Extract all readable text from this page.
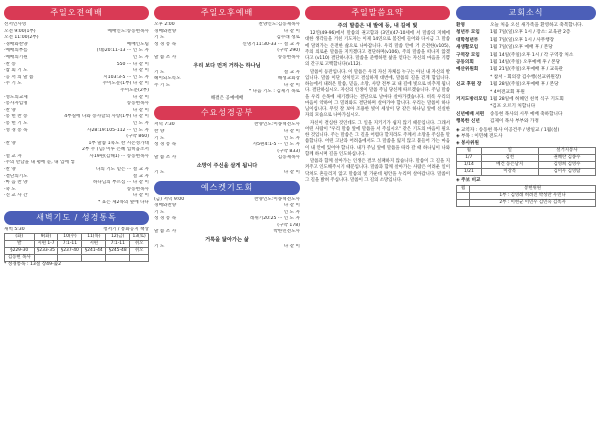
주일오전예배
선서인사영
오전 9:00(1부)	예배인도:송동현목사
오전 11:00(2부)
·경배와찬양	예배인도팀
·예배의부름	(대)20:11-13 ··· 인 도 자
·예배의기원	인 도 자
·찬 송	550 ··· 다 같 이
·참 회 기 도	다 같 이
·응 서 의 말 씀	시103:3-5 ··· 인 도 자
·주 기 도	주이도문(1부) 다 같 이
주이도문(2부)
·성도의교제	다 같 이
·봉사자임명	송동현목사
·찬 양	다 같 이
·봉 헌 찬 송	4부실에 나와 송사할의 사랑(1부) 다 같 이
·봉 헌 기 도	인 도 자
·성 경 봉 독	사28:19:105-112 ··· 인 도 자
(구약 860)
·찬 양	1부 말씀 1묵도 찬 시온성가대
2부 주 (님) 이루 은혜 입히옵소서
·설 교 자	사19편(김해1) ··· 송동현목사
·주의 만남을 내 평에 듣, 내 입에 넣
·찬 양	나의 기도 믿는 ··· 설 교 자
·결단의기도	설 교 자
·마 음 찬 양	하나님의 부르심 ··· 다 같 이
·축 도	송동현목사
·진 교 사 간	다 같 이
* 표는 제2목의 옆에 나다
새벽기도 / 성경통독
새벽 5:30	청서기 / 통화공지 책상
(화)	9(화)	10(수)	11(목)	12(금)	13(토)
발	시편 1-7	7:1-11	시편	7:1-11	쉬오
§229-30	§233-35	§237-40	§241-44	§245-48	쉬오
김동현 목사					
* 성경통독 : 13절 장49-출2
주일오후예배
오후 2:00	찬양인도:김동제목사
경배와찬양	다 같 이
기 도	김수래 성로
성 경 봉 독	신명기11:30-33 ··· 설 교 자
(구약 290)
말 씀 조 사	송동현목사
우리 보다 먼저 거하는 하나님
기 도	설 교 자
헤이되도록노	해성교회장
주 기 도	다 같 이
* 다음 기도 : 김제기 목로
해결은 공예에배
수요성경공부
저녁 7:30	찬양인도:이종혁전도사
찬 양	다 같 이
기 도	인 도 자
성 경 봉 독	사5편4:1-5 ··· 인 도 자
(구약 833)
말 씀 조 사	김동제목사
소망이 주신을 살게 됩니다
기 도	다 같 이
예스켓기도회
(금) 저녁 9:00	찬양인도:이종혁전도사
경배와찬양	다 같 이
기 도	인 도 자
성 경 봉 독	레위기20:25 ··· 인 도 자
(구약 178)
말 씀 조 사	박한민전도사
거룩을 닮아가는 삶
기 도	다 같 이
주일말씀요약
주의 말씀은 내 발에 등, 내 길에 빛

12연(49-96)에서 말씀의 권고함과 (3연)(47-10세에 서 말씀의 지혜에 대한 생각들을 거친 기도자는 이제 14연으로 봄진에 들어와 다시금 그 말씀에 달려가는 온전한 삶으로 나아갑니다. 우리 말씀 안에 거 온전한(v105), 주의 의로운 말씀을 지키겠다고 결단하며(v106), 주의 말씀을 떠나지 않겠다고 (v110) 결단하니다. 말씀을 준행하면 삶을 얻다는 자신의 마음을 기쁨의 간구로 고백합니다(v112).

말씀이 등잔입니다. 이 말씀은 우리 자신 자체를 누구는 아닌 내 자신의 발입니다. 말씀 이단 상처인고 결심하게 대번에, 말씀의 길을 걷게 함입니다. 하늘에서 내려온 말씀, 믿음, 소망, 사랑 전부 교 내 길에 빛으로 비추게 됩니다. 결단하십시오. 자신의 인생이 말씀 주님 당신께 따르겠습니다. 주님 말씀을 우리 손목에 새기겠다는 결단으로 날마다 살아가겠습니다. 비록 우리의 마음이 약하여 그 밀려와도 결단하며 살아가야 합니다. 우리는 말씀이 하나님이십니다. 무엇 잘 보아 조용한 빛이 세상이 당 같은 하나님 앞에 신실한 자의 모습으로 나아가십시오.

자신이 결심한 것인데도 그 일을 지키기가 쉽지 않기 때문입니다. 그래서 어떤 사람이 "우리 말씀 앞에 말씀을 서 주십시오" 같은 기도의 마음이 필요한 것입니다. 주는 말씀은 그 길을 어렵다 할지라도 주께서 소망을 주심을 말씀합니다. 어떤 고난과 어려움에서도 그 말씀을 잃지 않고 붙들어 가는 마음이 내 안에 있어야 합니다. 내가 주님 앞에 말씀을 따라 갈 때 하나님이 나와 함께 하시며 길을 인도하십니다.

말씀과 함께 살아가는 인생은 결코 실패하지 않습니다. 말씀이 그 길을 지켜주고 인도해주시기 때문입니다. 말씀과 함께 살아가는 사람은 어려운 일이 닥쳐도 흔들리지 않고 말씀의 빛 가운데 평안을 누리며 살아갑니다. 말씀이 그 길을 밝혀 주십니다. 말씀이 그 길의 소망입니다.

교회소식
환영	오늘 처음 오신 새가족을 환영하고 축복합니다.
청년부 모임	1월 7일(일)오후 1시 / 장소: 교육관 2층
대학청년부	1월 7일(일)오후 1시 / 사무행장
새생활모임	1월 7일(일)오후 예배 후 / 본당
구역장 모임	1월 14일(주일)오후 1시 / 각 구역장 처소
공동의회	1월 14일(주일) 오후예배 후 / 본당
예산위원회	1월 21일(주일)오후예배 후 / 교육관
* 참서 - 회의장 김수행(선교위원장)
신교 후원 장	1월 28일(주일)오후예배 후 / 본당
* 4여전교회 후원
거지도방리모임 1월 28일에 허혜인 친척 식구 기도회
*김포 오르기 처합니다
신년예배 서편	송동현 목사의 시무 예배 축하합니다
행복한 신년	김제이 목사 부부와 가정
◈ 교역자 : 송동현 목사 이공건주 / 방일교 / 1월(설)
◈ 부목 : 이민혜 전도사
◈ 봉사위원
월	일	설거지봉사
1/7	김천	권혜란 김종수
1/14	메건 동은남지	김영희 김영수
1/21	이강복	김미우 김영탐
◈ 주보 비교
월	봉헌위원
	1부 : 김영례 허려진 박성만 우민나
	2부 : 이현균 이민우 김민숙 김옥자
